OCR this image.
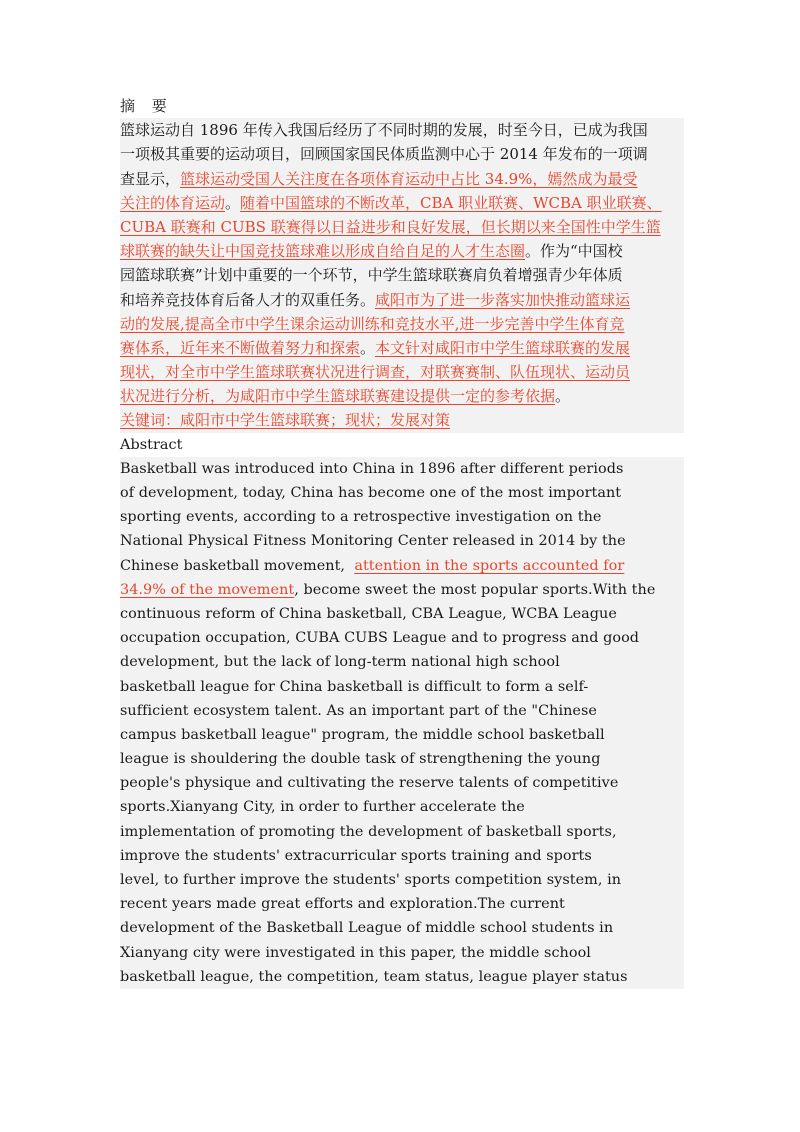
摘 要
篮球运动自 1896 年传入我国后经历了不同时期的发展，时至今日，已成为我国
一项极其重要的运动项目，回顾国家国民体质监测中心于 2014 年发布的一项调
查显示，篮球运动受国人关注度在各项体育运动中占比 34.9%，嫣然成为最受
关注的体育运动。随着中国篮球的不断改革，CBA 职业联赛、WCBA 职业联赛、
CUBA 联赛和 CUBS 联赛得以日益进步和良好发展，但长期以来全国性中学生篮
球联赛的缺失让中国竞技篮球难以形成自给自足的人才生态圈。作为“中国校
园篮球联赛”计划中重要的一个环节，中学生篮球联赛肩负着增强青少年体质
和培养竞技体育后备人才的双重任务。咸阳市为了进一步落实加快推动篮球运
动的发展,提高全市中学生课余运动训练和竞技水平,进一步完善中学生体育竞
赛体系，近年来不断做着努力和探索。本文针对咸阳市中学生篮球联赛的发展
现状，对全市中学生篮球联赛状况进行调查，对联赛赛制、队伍现状、运动员
状况进行分析，为咸阳市中学生篮球联赛建设提供一定的参考依据。
关键词：咸阳市中学生篮球联赛；现状；发展对策
Abstract
Basketball was introduced into China in 1896 after different periods
of development, today, China has become one of the most important
sporting events, according to a retrospective investigation on the
National Physical Fitness Monitoring Center released in 2014 by the
Chinese basketball movement,  attention in the sports accounted for
34.9% of the movement, become sweet the most popular sports.With the
continuous reform of China basketball, CBA League, WCBA League
occupation occupation, CUBA CUBS League and to progress and good
development, but the lack of long-term national high school
basketball league for China basketball is difficult to form a self-
sufficient ecosystem talent. As an important part of the "Chinese
campus basketball league" program, the middle school basketball
league is shouldering the double task of strengthening the young
people's physique and cultivating the reserve talents of competitive
sports.Xianyang City, in order to further accelerate the
implementation of promoting the development of basketball sports,
improve the students' extracurricular sports training and sports
level, to further improve the students' sports competition system, in
recent years made great efforts and exploration.The current
development of the Basketball League of middle school students in
Xianyang city were investigated in this paper, the middle school
basketball league, the competition, team status, league player status
